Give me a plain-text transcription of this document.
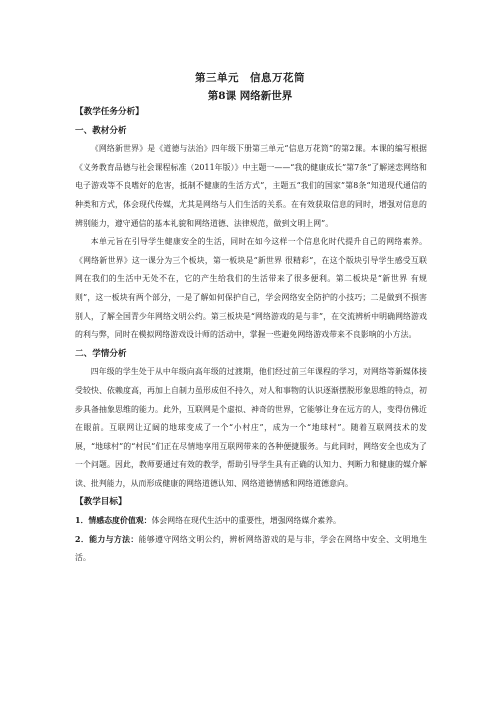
第三单元　信息万花筒
第8课 网络新世界
【教学任务分析】
一、教材分析
《网络新世界》是《道德与法治》四年级下册第三单元“信息万花筒”的第2课。本课的编写根据《义务教育品德与社会课程标准（2011年版）》中主题一——“我的健康成长”第7条“了解迷恋网络和电子游戏等不良嗜好的危害，抵制不健康的生活方式”，主题五“我们的国家”第8条“知道现代通信的种类和方式，体会现代传媒，尤其是网络与人们生活的关系。在有效获取信息的同时，增强对信息的辨别能力，遵守通信的基本礼貌和网络道德、法律规范，做到文明上网”。
本单元旨在引导学生健康安全的生活，同时在如今这样一个信息化时代提升自己的网络素养。《网络新世界》这一课分为三个板块，第一板块是“新世界 很精彩”，在这个版块引导学生感受互联网在我们的生活中无处不在，它的产生给我们的生活带来了很多便利。第二板块是“新世界 有规则”，这一板块有两个部分，一是了解如何保护自己，学会网络安全防护的小技巧；二是做到不损害别人，了解全国青少年网络文明公约。第三板块是“网络游戏的是与非”，在交流辨析中明确网络游戏的利与弊，同时在模拟网络游戏设计师的活动中，掌握一些避免网络游戏带来不良影响的小方法。
二、学情分析
四年级的学生处于从中年级向高年级的过渡期，他们经过前三年课程的学习，对网络等新媒体接受较快、依赖度高，再加上自制力虽形成但不持久，对人和事物的认识逐渐摆脱形象思维的特点，初步具备抽象思维的能力。此外，互联网是个虚拟、神奇的世界，它能够让身在远方的人，变得仿佛近在眼前。互联网让辽阔的地球变成了一个“小村庄”，成为一个“地球村”。随着互联网技术的发展，“地球村”的“村民”们正在尽情地享用互联网带来的各种便捷服务。与此同时，网络安全也成为了一个问题。因此，教师要通过有效的教学，帮助引导学生具有正确的认知力、判断力和健康的媒介解读、批判能力，从而形成健康的网络道德认知、网络道德情感和网络道德意向。
【教学目标】
1．情感态度价值观：体会网络在现代生活中的重要性，增强网络媒介素养。
2．能力与方法：能够遵守网络文明公约，辨析网络游戏的是与非，学会在网络中安全、文明地生活。
